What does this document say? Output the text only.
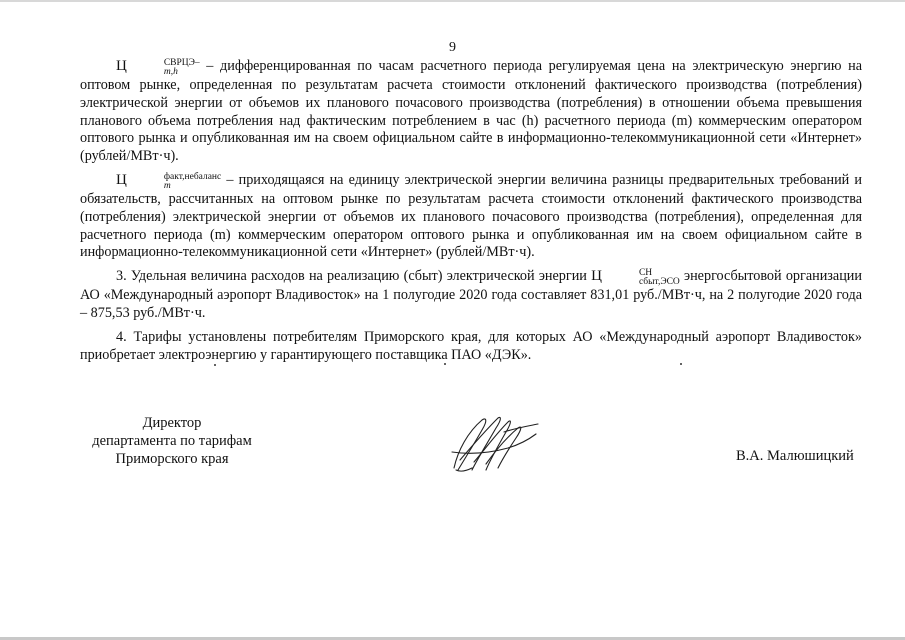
9

Ц	СВРЦЭ–
m,h	– дифференцированная по часам расчетного периода регулируемая цена на электрическую энергию на оптовом рынке, определенная по результатам расчета стоимости отклонений фактического производства (потребления) электрической энергии от объемов их планового почасового производства (потребления) в отношении объема превышения планового объема потребления над фактическим потреблением в час (h) расчетного периода (m) коммерческим оператором оптового рынка и опубликованная им на своем официальном сайте в информационно-телекоммуникационной сети «Интернет» (рублей/МВт·ч).

Ц	факт,небаланс
m	– приходящаяся на единицу электрической энергии величина разницы предварительных требований и обязательств, рассчитанных на оптовом рынке по результатам расчета стоимости отклонений фактического производства (потребления) электрической энергии от объемов их планового почасового производства (потребления), определенная для расчетного периода (m) коммерческим оператором оптового рынка и опубликованная им на своем официальном сайте в информационно-телекоммуникационной сети «Интернет» (рублей/МВт·ч).

3. Удельная величина расходов на реализацию (сбыт) электрической энергии Ц	СН
сбыт,ЭСО энергосбытовой организации АО «Международный аэропорт Владивосток» на 1 полугодие 2020 года составляет 831,01 руб./МВт·ч, на 2 полугодие 2020 года – 875,53 руб./МВт·ч.

4. Тарифы установлены потребителям Приморского края, для которых АО «Международный аэропорт Владивосток» приобретает электроэнергию у гарантирующего поставщика ПАО «ДЭК».

Директор
департамента по тарифам
Приморского края	В.А. Малюшицкий
